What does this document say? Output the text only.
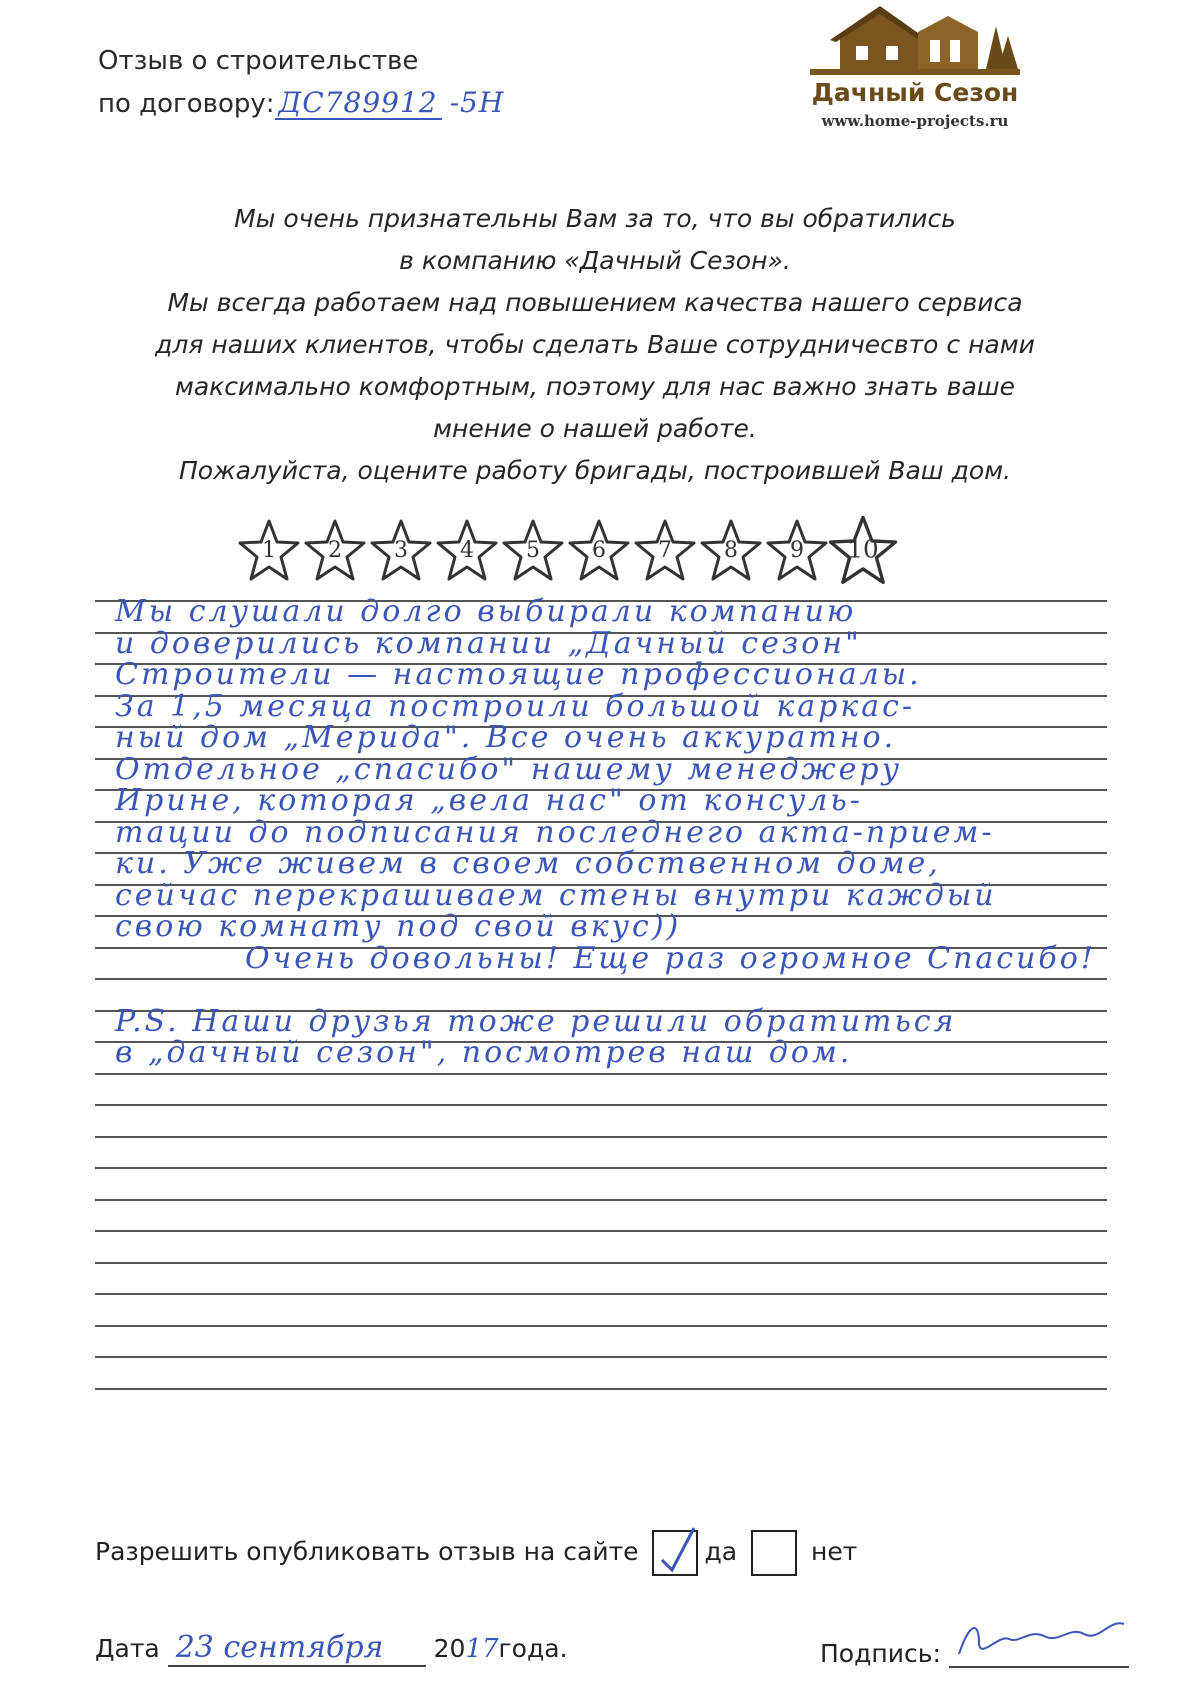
Отзыв о строительстве
по договору: ДС789912 -5Н	Дачный Сезон
www.home-projects.ru
Мы очень признательны Вам за то, что вы обратились
в компанию «Дачный Сезон».
Мы всегда работаем над повышением качества нашего сервиса
для наших клиентов, чтобы сделать Ваше сотрудничесвто с нами
максимально комфортным, поэтому для нас важно знать ваше
мнение о нашей работе.
Пожалуйста, оцените работу бригады, построившей Ваш дом.
1	2	3	4	5	6	7	8	9	10
Мы слушали долго выбирали компанию
и доверились компании „Дачный сезон"
Строители — настоящие профессионалы.
За 1,5 месяца построили большой каркас-
ный дом „Мерида". Все очень аккуратно.
Отдельное „спасибо" нашему менеджеру
Ирине, которая „вела нас" от консуль-
тации до подписания последнего акта-прием-
ки. Уже живем в своем собственном доме,
сейчас перекрашиваем стены внутри каждый
свою комнату под свой вкус))
Очень довольны! Еще раз огромное Спасибо!
P.S. Наши друзья тоже решили обратиться
в „дачный сезон", посмотрев наш дом.
Разрешить опубликовать отзыв на сайте	да	нет
Дата 23 сентября 2017года.	Подпись:
